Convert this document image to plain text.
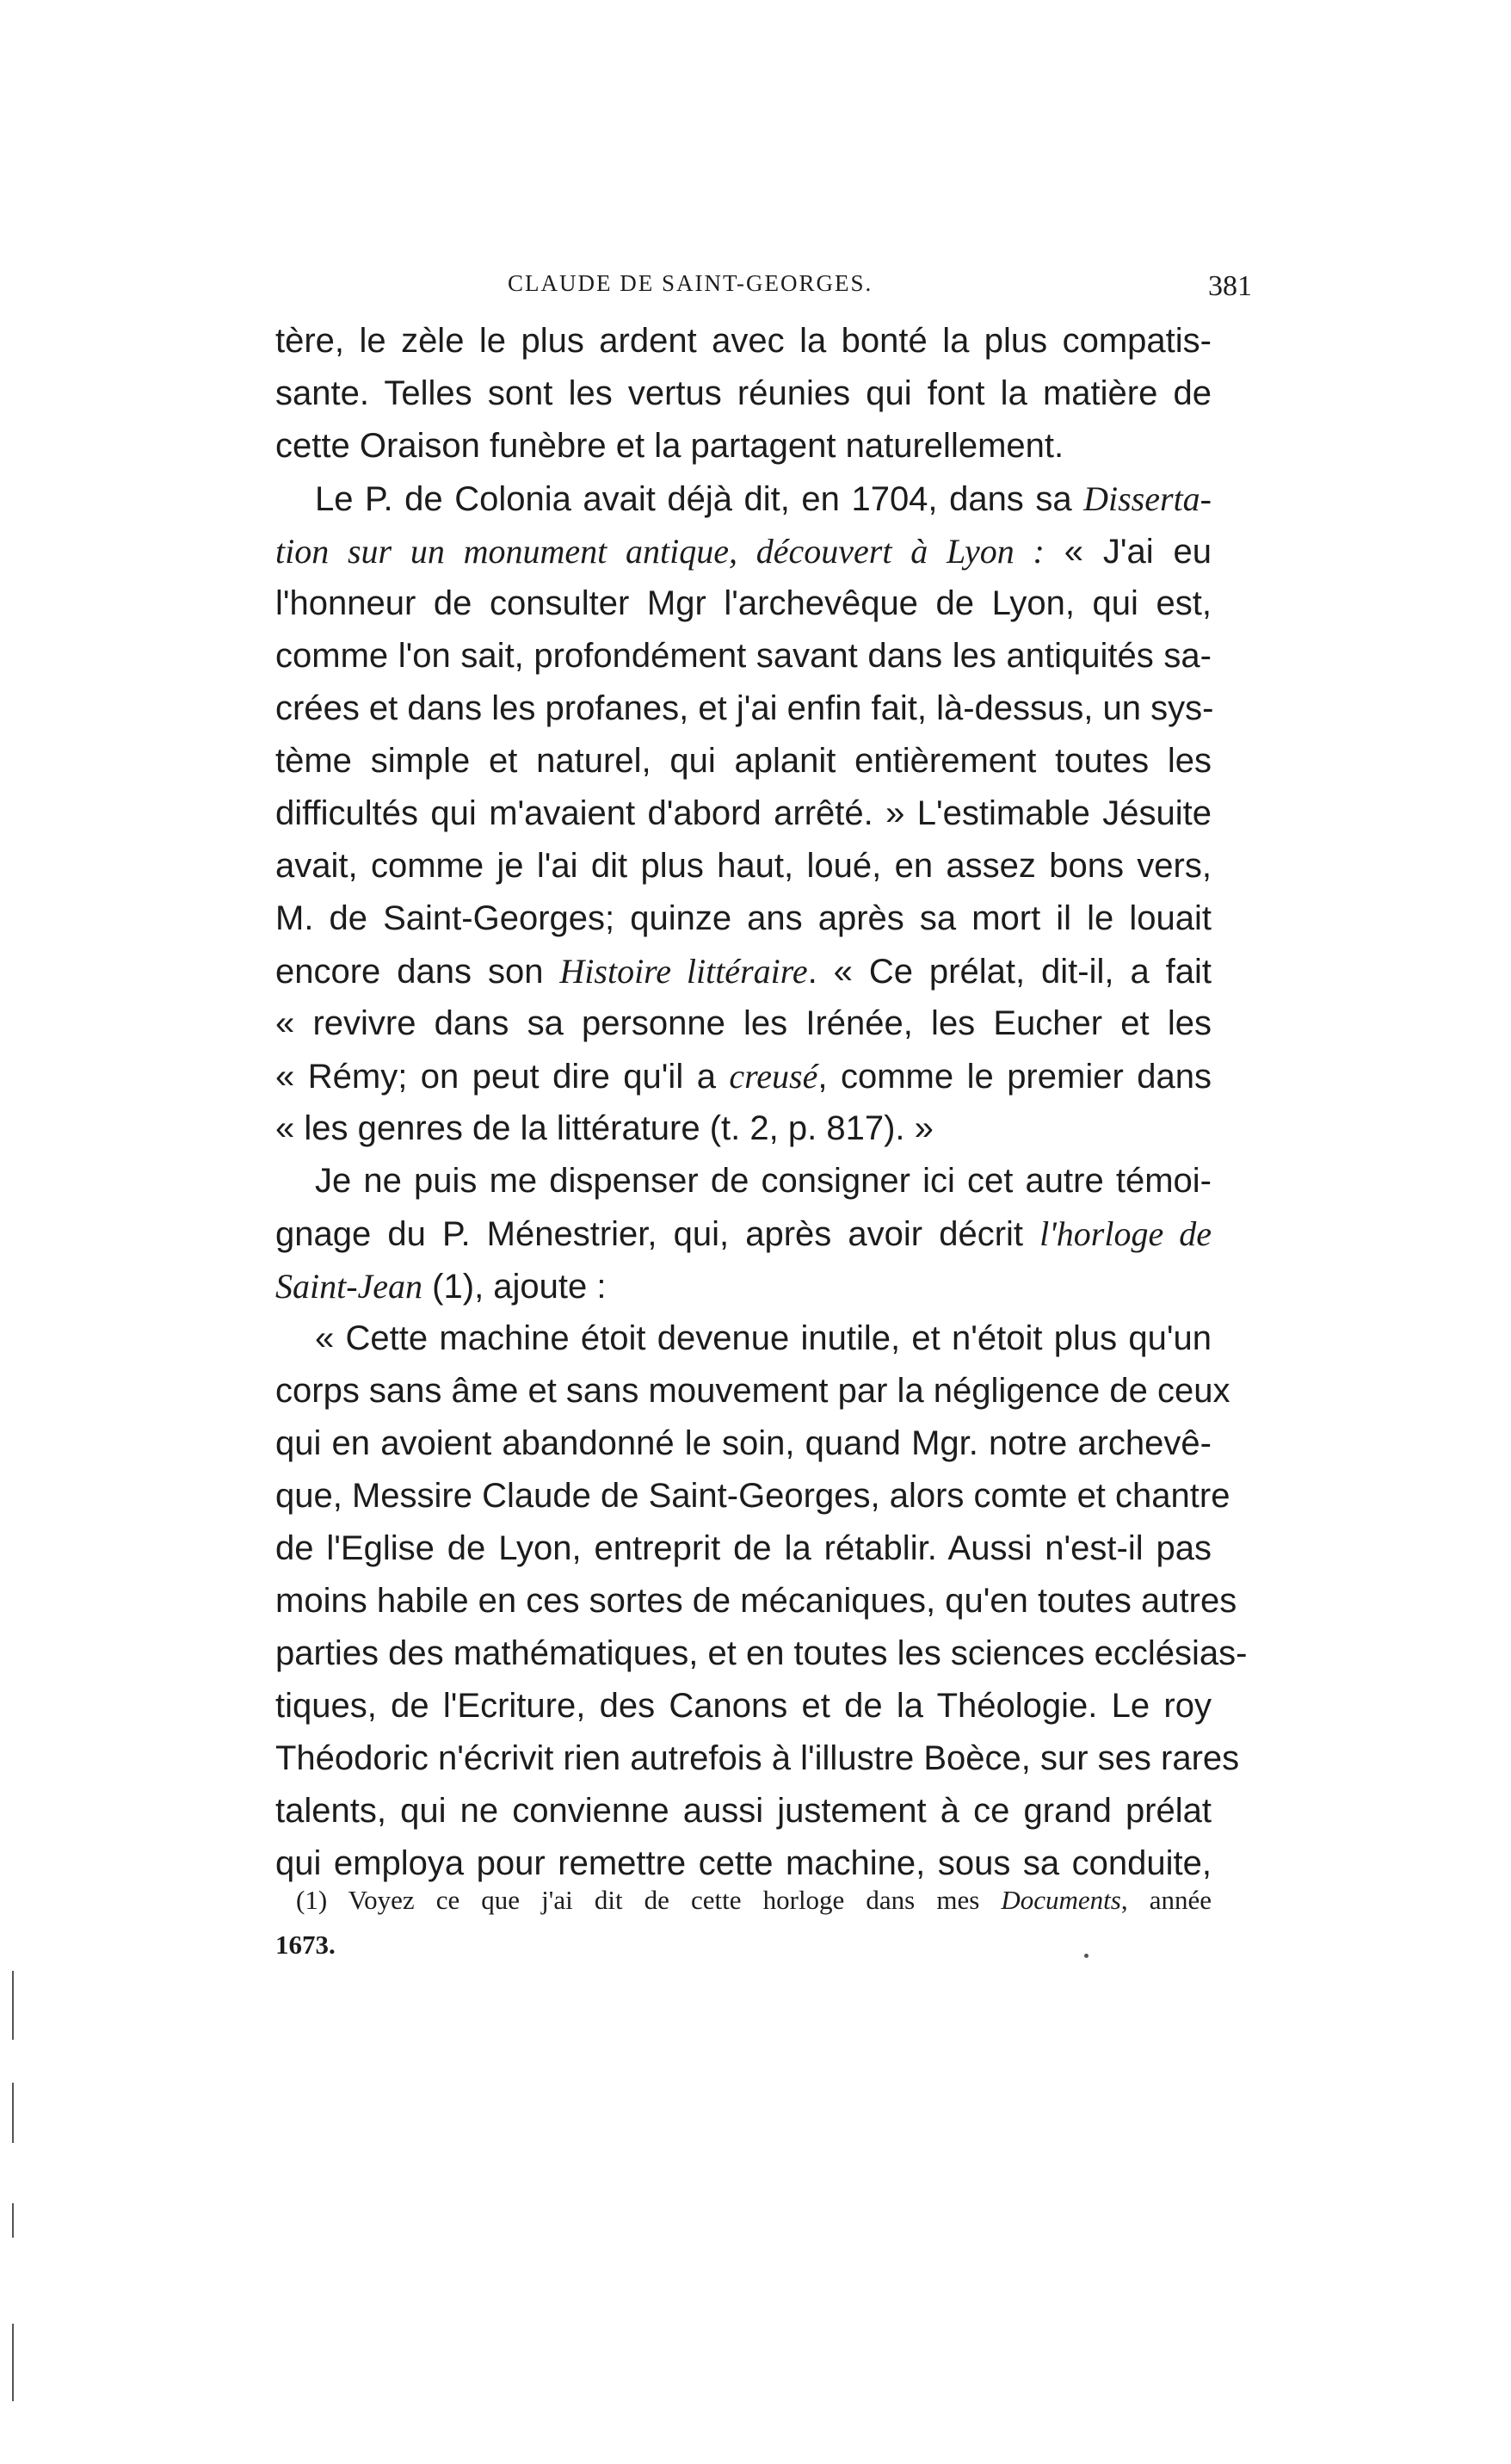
CLAUDE DE SAINT-GEORGES.	381
tère, le zèle le plus ardent avec la bonté la plus compatis-
sante. Telles sont les vertus réunies qui font la matière de
cette Oraison funèbre et la partagent naturellement.
Le P. de Colonia avait déjà dit, en 1704, dans sa Disserta-
tion sur un monument antique, découvert à Lyon : « J'ai eu
l'honneur de consulter Mgr l'archevêque de Lyon, qui est,
comme l'on sait, profondément savant dans les antiquités sa-
crées et dans les profanes, et j'ai enfin fait, là-dessus, un sys-
tème simple et naturel, qui aplanit entièrement toutes les
difficultés qui m'avaient d'abord arrêté. » L'estimable Jésuite
avait, comme je l'ai dit plus haut, loué, en assez bons vers,
M. de Saint-Georges; quinze ans après sa mort il le louait
encore dans son Histoire littéraire. « Ce prélat, dit-il, a fait
« revivre dans sa personne les Irénée, les Eucher et les
« Rémy; on peut dire qu'il a creusé, comme le premier dans
« les genres de la littérature (t. 2, p. 817). »
Je ne puis me dispenser de consigner ici cet autre témoi-
gnage du P. Ménestrier, qui, après avoir décrit l'horloge de
Saint-Jean (1), ajoute :
« Cette machine étoit devenue inutile, et n'étoit plus qu'un
corps sans âme et sans mouvement par la négligence de ceux
qui en avoient abandonné le soin, quand Mgr. notre archevê-
que, Messire Claude de Saint-Georges, alors comte et chantre
de l'Eglise de Lyon, entreprit de la rétablir. Aussi n'est-il pas
moins habile en ces sortes de mécaniques, qu'en toutes autres
parties des mathématiques, et en toutes les sciences ecclésias-
tiques, de l'Ecriture, des Canons et de la Théologie. Le roy
Théodoric n'écrivit rien autrefois à l'illustre Boèce, sur ses rares
talents, qui ne convienne aussi justement à ce grand prélat
qui employa pour remettre cette machine, sous sa conduite,
(1) Voyez ce que j'ai dit de cette horloge dans mes Documents, année
1673.
